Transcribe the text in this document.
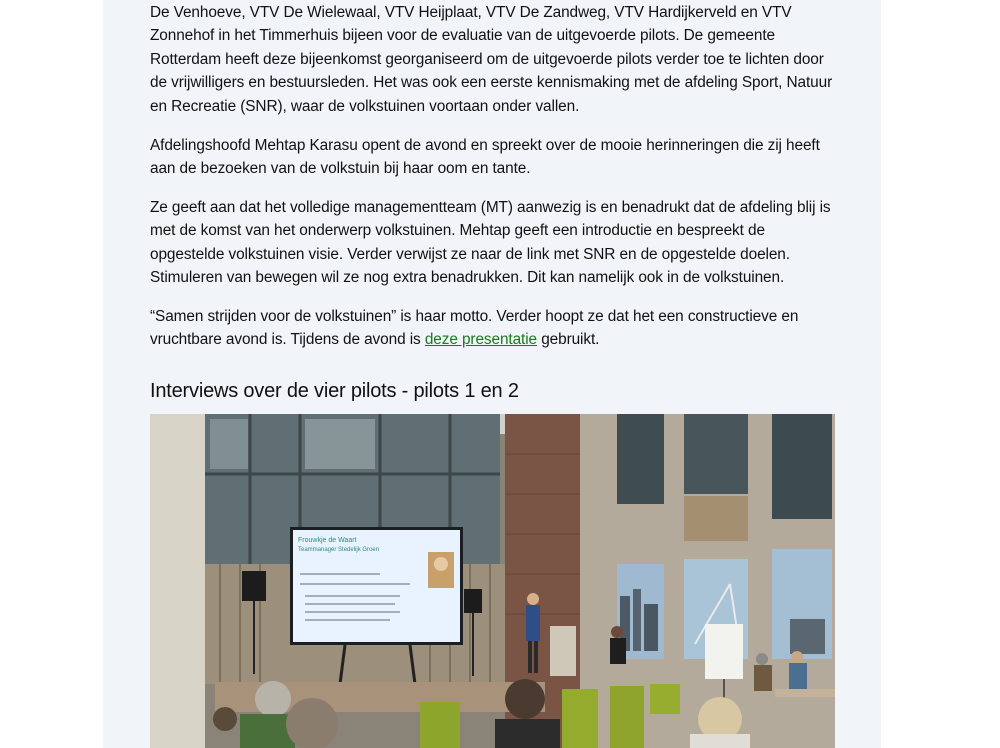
De Venhoeve, VTV De Wielewaal, VTV Heijplaat, VTV De Zandweg, VTV Hardijkerveld en VTV Zonnehof in het Timmerhuis bijeen voor de evaluatie van de uitgevoerde pilots. De gemeente Rotterdam heeft deze bijeenkomst georganiseerd om de uitgevoerde pilots verder toe te lichten door de vrijwilligers en bestuursleden. Het was ook een eerste kennismaking met de afdeling Sport, Natuur en Recreatie (SNR), waar de volkstuinen voortaan onder vallen.

Afdelingshoofd Mehtap Karasu opent de avond en spreekt over de mooie herinneringen die zij heeft aan de bezoeken van de volkstuin bij haar oom en tante.

Ze geeft aan dat het volledige managementteam (MT) aanwezig is en benadrukt dat de afdeling blij is met de komst van het onderwerp volkstuinen. Mehtap geeft een introductie en bespreekt de opgestelde volkstuinen visie. Verder verwijst ze naar de link met SNR en de opgestelde doelen. Stimuleren van bewegen wil ze nog extra benadrukken. Dit kan namelijk ook in de volkstuinen.

“Samen strijden voor de volkstuinen” is haar motto. Verder hoopt ze dat het een constructieve en vruchtbare avond is. Tijdens de avond is deze presentatie gebruikt.

Interviews over de vier pilots - pilots 1 en 2
Frouwkje de Waart
Teammanager Stedelijk Groen
